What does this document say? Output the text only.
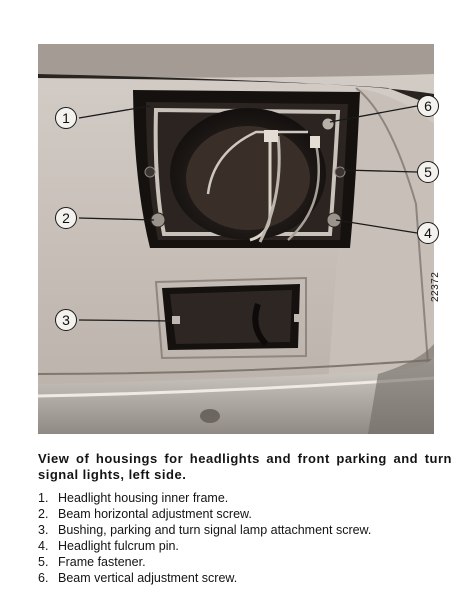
1
2
3
4
5
6
22372

View of housings for headlights and front parking and turn signal lights, left side.

1. Headlight housing inner frame.
2. Beam horizontal adjustment screw.
3. Bushing, parking and turn signal lamp attachment screw.
4. Headlight fulcrum pin.
5. Frame fastener.
6. Beam vertical adjustment screw.
